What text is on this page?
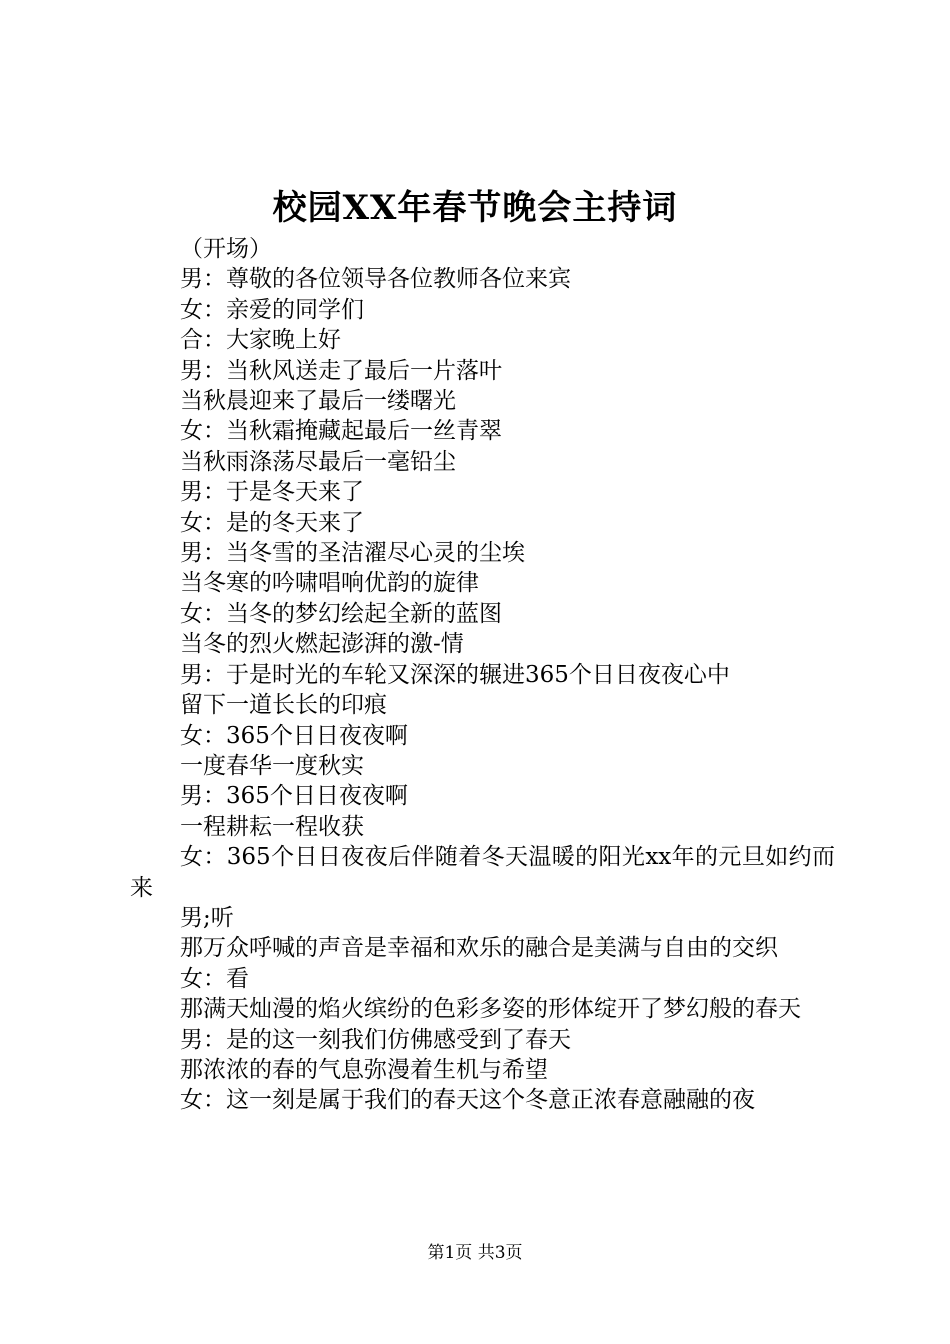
校园XX年春节晚会主持词
（开场）
男：尊敬的各位领导各位教师各位来宾
女：亲爱的同学们
合：大家晚上好
男：当秋风送走了最后一片落叶
当秋晨迎来了最后一缕曙光
女：当秋霜掩藏起最后一丝青翠
当秋雨涤荡尽最后一毫铅尘
男：于是冬天来了
女：是的冬天来了
男：当冬雪的圣洁濯尽心灵的尘埃
当冬寒的吟啸唱响优韵的旋律
女：当冬的梦幻绘起全新的蓝图
当冬的烈火燃起澎湃的激-情
男：于是时光的车轮又深深的辗进365个日日夜夜心中
留下一道长长的印痕
女：365个日日夜夜啊
一度春华一度秋实
男：365个日日夜夜啊
一程耕耘一程收获
女：365个日日夜夜后伴随着冬天温暖的阳光xx年的元旦如约而来
男;听
那万众呼喊的声音是幸福和欢乐的融合是美满与自由的交织
女：看
那满天灿漫的焰火缤纷的色彩多姿的形体绽开了梦幻般的春天
男：是的这一刻我们仿佛感受到了春天
那浓浓的春的气息弥漫着生机与希望
女：这一刻是属于我们的春天这个冬意正浓春意融融的夜
第1页 共3页
